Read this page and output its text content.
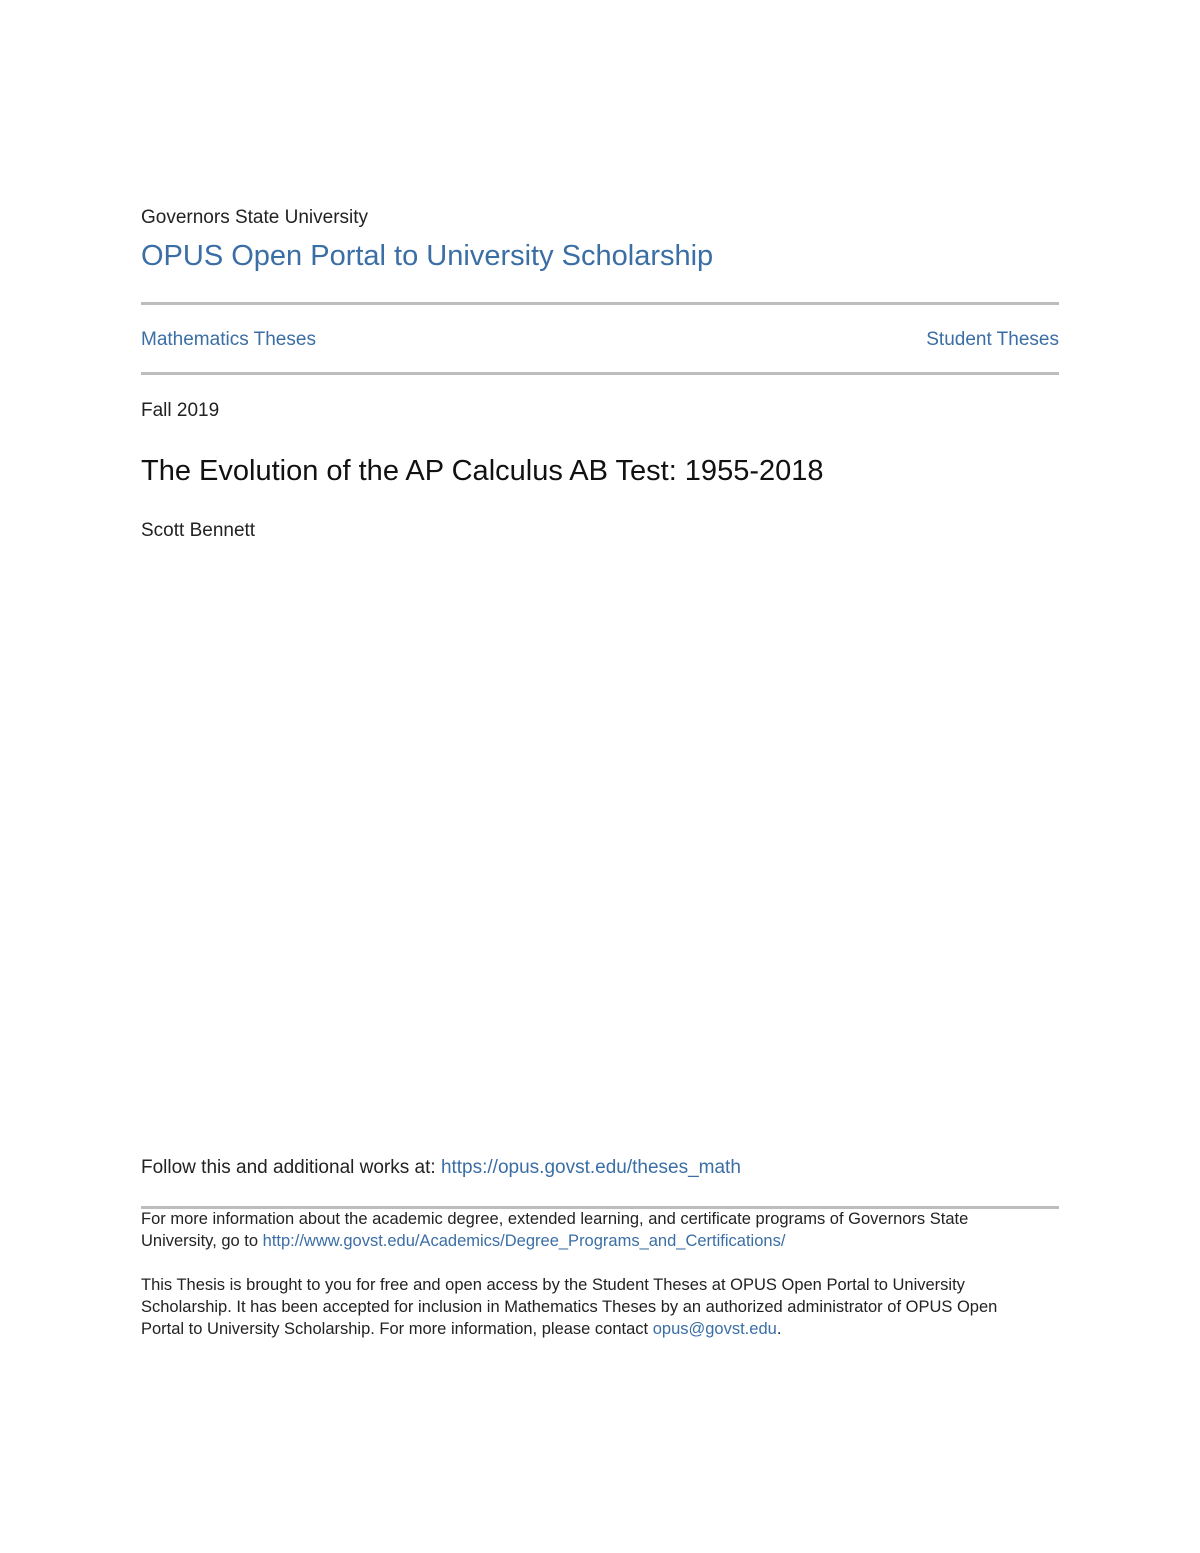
Governors State University
OPUS Open Portal to University Scholarship
Mathematics Theses	Student Theses
Fall 2019
The Evolution of the AP Calculus AB Test: 1955-2018
Scott Bennett
Follow this and additional works at: https://opus.govst.edu/theses_math
For more information about the academic degree, extended learning, and certificate programs of Governors State University, go to http://www.govst.edu/Academics/Degree_Programs_and_Certifications/
This Thesis is brought to you for free and open access by the Student Theses at OPUS Open Portal to University Scholarship. It has been accepted for inclusion in Mathematics Theses by an authorized administrator of OPUS Open Portal to University Scholarship. For more information, please contact opus@govst.edu.
